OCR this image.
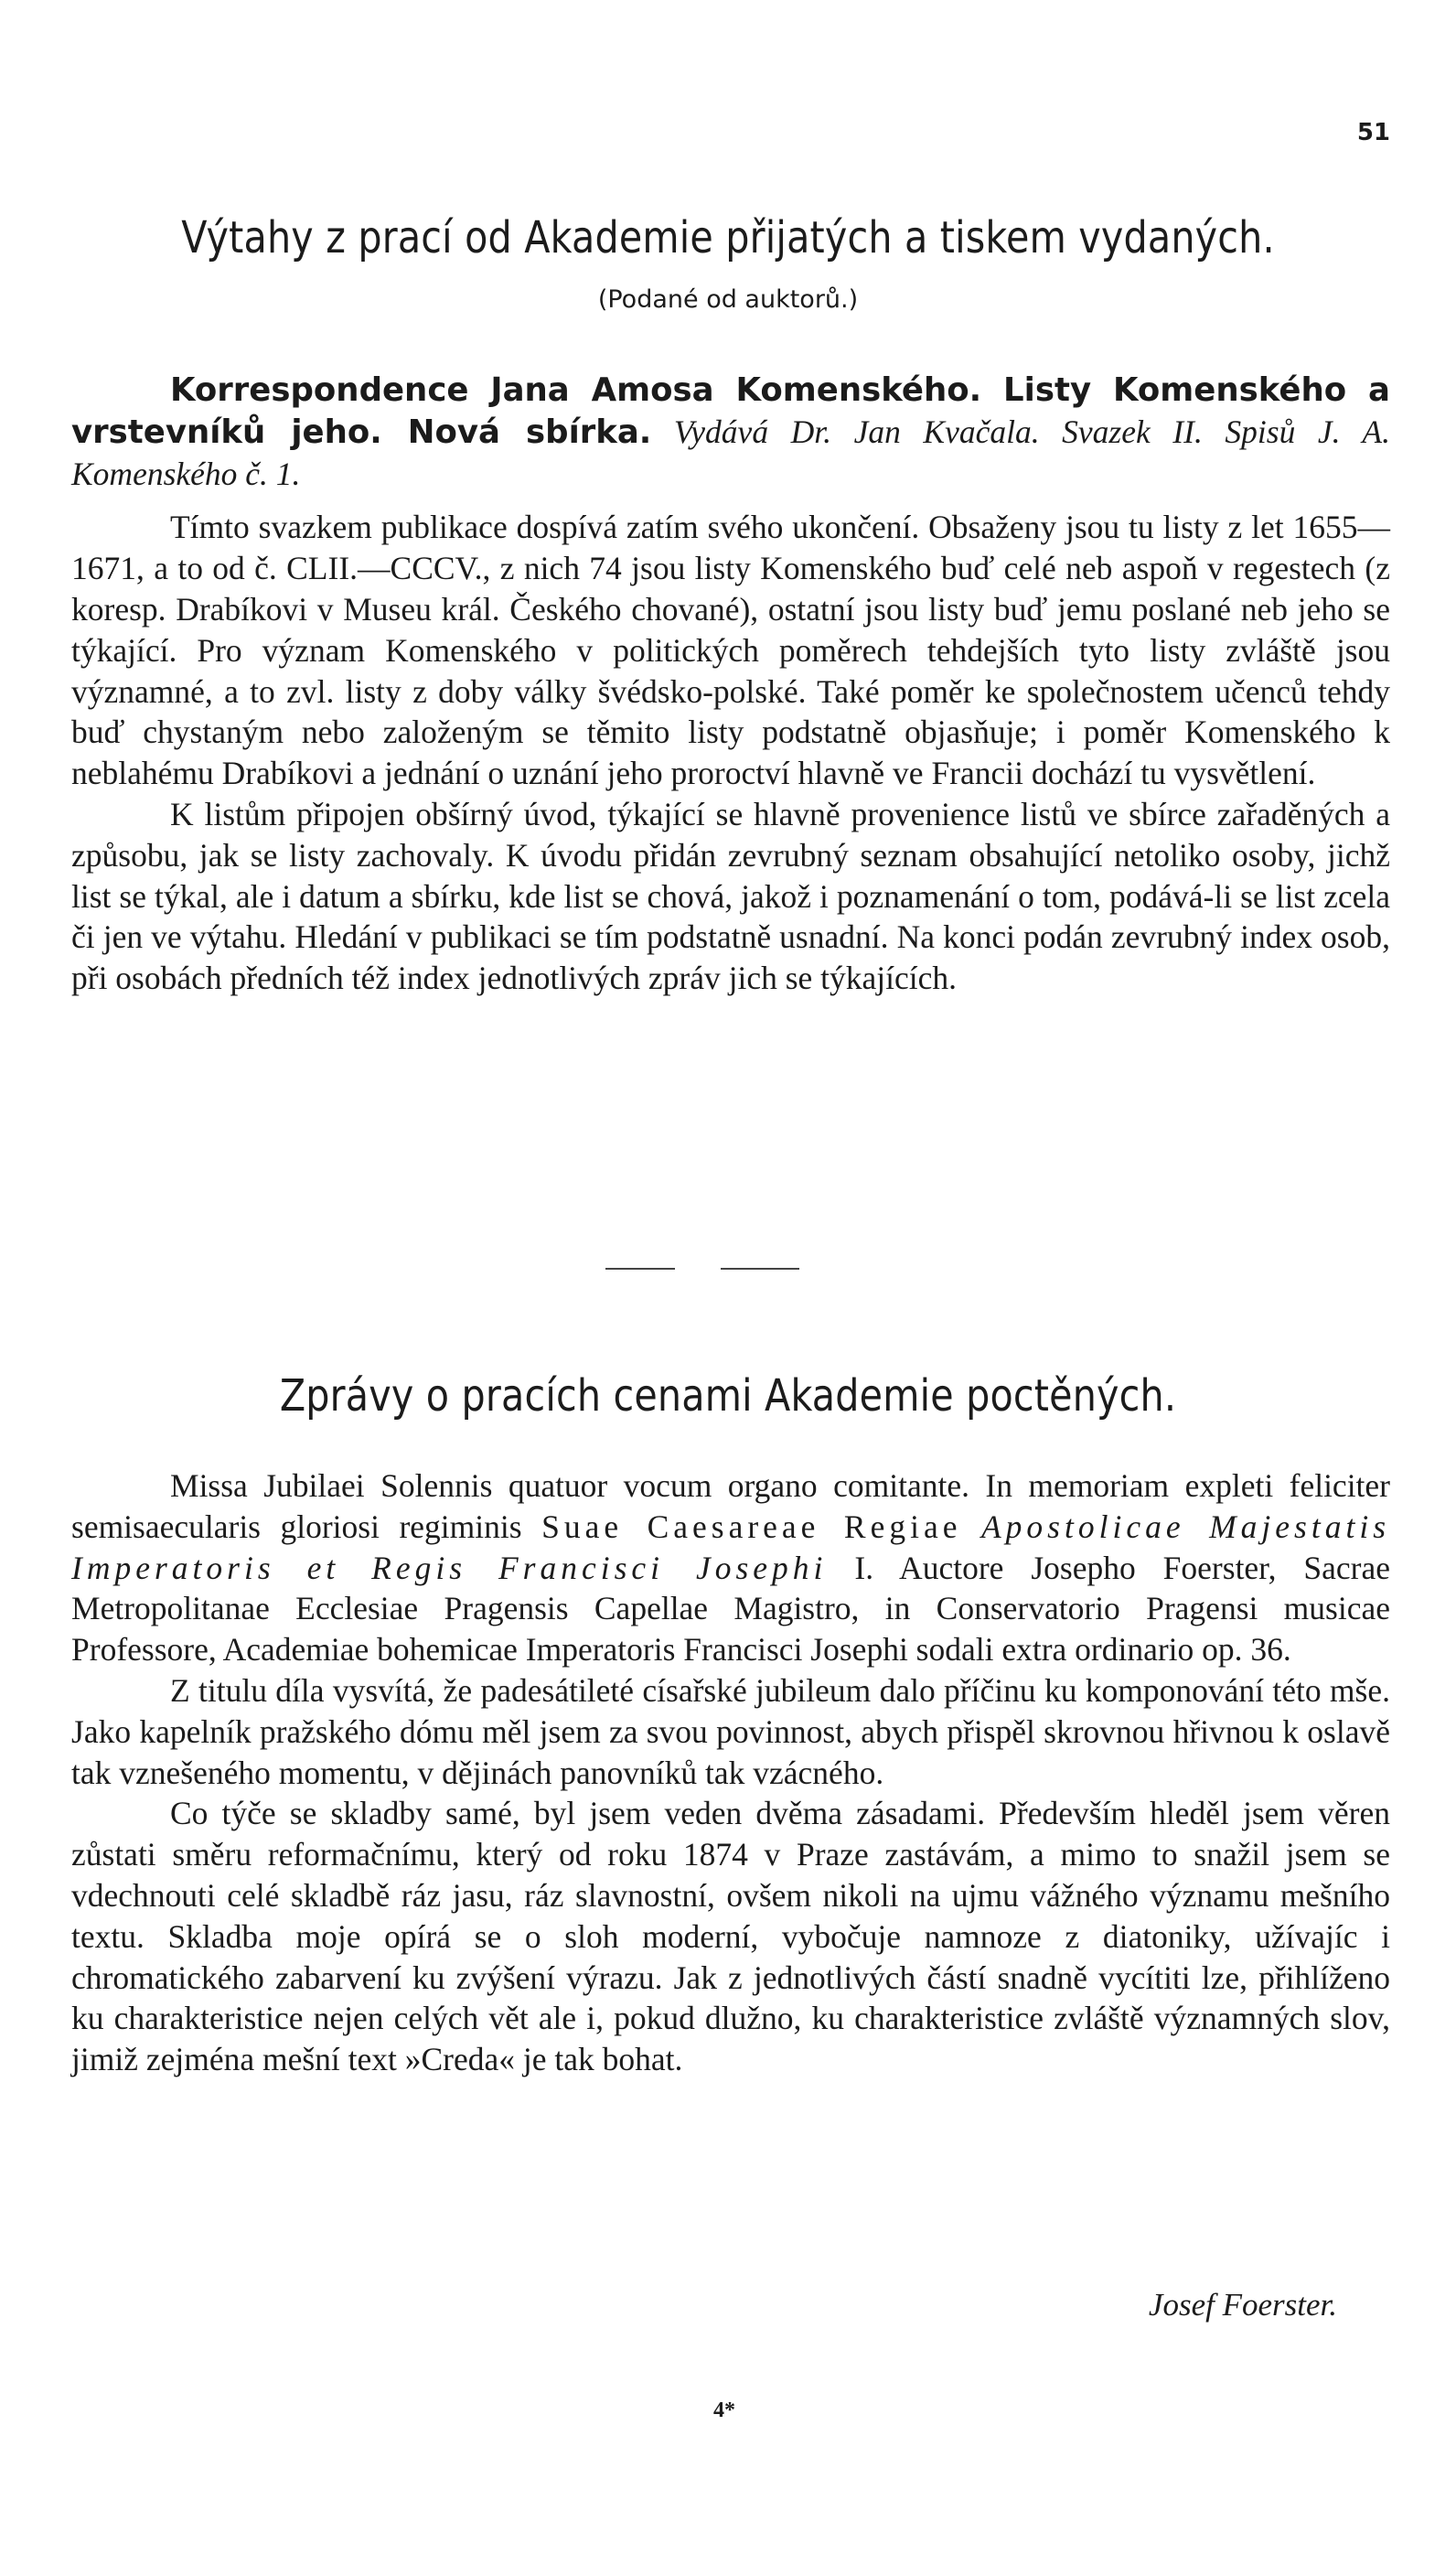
51
Výtahy z prací od Akademie přijatých a tiskem vydaných.
(Podané od auktorů.)

Korrespondence Jana Amosa Komenského. Listy Komenského a vrstevníků jeho. Nová sbírka. Vydává Dr. Jan Kvačala. Svazek II. Spisů J. A. Komenského č. 1.

Tímto svazkem publikace dospívá zatím svého ukončení. Obsaženy jsou tu listy z let 1655—1671, a to od č. CLII.—CCCV., z nich 74 jsou listy Komenského buď celé neb aspoň v regestech (z koresp. Drabíkovi v Museu král. Českého chované), ostatní jsou listy buď jemu poslané neb jeho se týkající. Pro význam Komenského v politických poměrech tehdejších tyto listy zvláště jsou významné, a to zvl. listy z doby války švédsko-polské. Také poměr ke společnostem učenců tehdy buď chystaným nebo založeným se těmito listy podstatně objasňuje; i poměr Komenského k neblahému Drabíkovi a jednání o uznání jeho proroctví hlavně ve Francii dochází tu vysvětlení.

K listům připojen obšírný úvod, týkající se hlavně provenience listů ve sbírce zařaděných a způsobu, jak se listy zachovaly. K úvodu přidán zevrubný seznam obsahující netoliko osoby, jichž list se týkal, ale i datum a sbírku, kde list se chová, jakož i poznamenání o tom, podává-li se list zcela či jen ve výtahu. Hledání v publikaci se tím podstatně usnadní. Na konci podán zevrubný index osob, při osobách předních též index jednotlivých zpráv jich se týkajících.

Zprávy o pracích cenami Akademie poctěných.

Missa Jubilaei Solennis quatuor vocum organo comitante. In memoriam expleti feliciter semisaecularis gloriosi regiminis Suae Caesareae Regiae Apostolicae Majestatis Imperatoris et Regis Francisci Josephi I. Auctore Josepho Foerster, Sacrae Metropolitanae Ecclesiae Pragensis Capellae Magistro, in Conservatorio Pragensi musicae Professore, Academiae bohemicae Imperatoris Francisci Josephi sodali extra ordinario op. 36.

Z titulu díla vysvítá, že padesátileté císařské jubileum dalo příčinu ku komponování této mše. Jako kapelník pražského dómu měl jsem za svou povinnost, abych přispěl skrovnou hřivnou k oslavě tak vznešeného momentu, v dějinách panovníků tak vzácného.

Co týče se skladby samé, byl jsem veden dvěma zásadami. Především hleděl jsem věren zůstati směru reformačnímu, který od roku 1874 v Praze zastávám, a mimo to snažil jsem se vdechnouti celé skladbě ráz jasu, ráz slavnostní, ovšem nikoli na ujmu vážného významu mešního textu. Skladba moje opírá se o sloh moderní, vybočuje namnoze z diatoniky, užívajíc i chromatického zabarvení ku zvýšení výrazu. Jak z jednotlivých částí snadně vycítiti lze, přihlíženo ku charakteristice nejen celých vět ale i, pokud dlužno, ku charakteristice zvláště významných slov, jimiž zejména mešní text »Creda« je tak bohat.

Josef Foerster.
4*
